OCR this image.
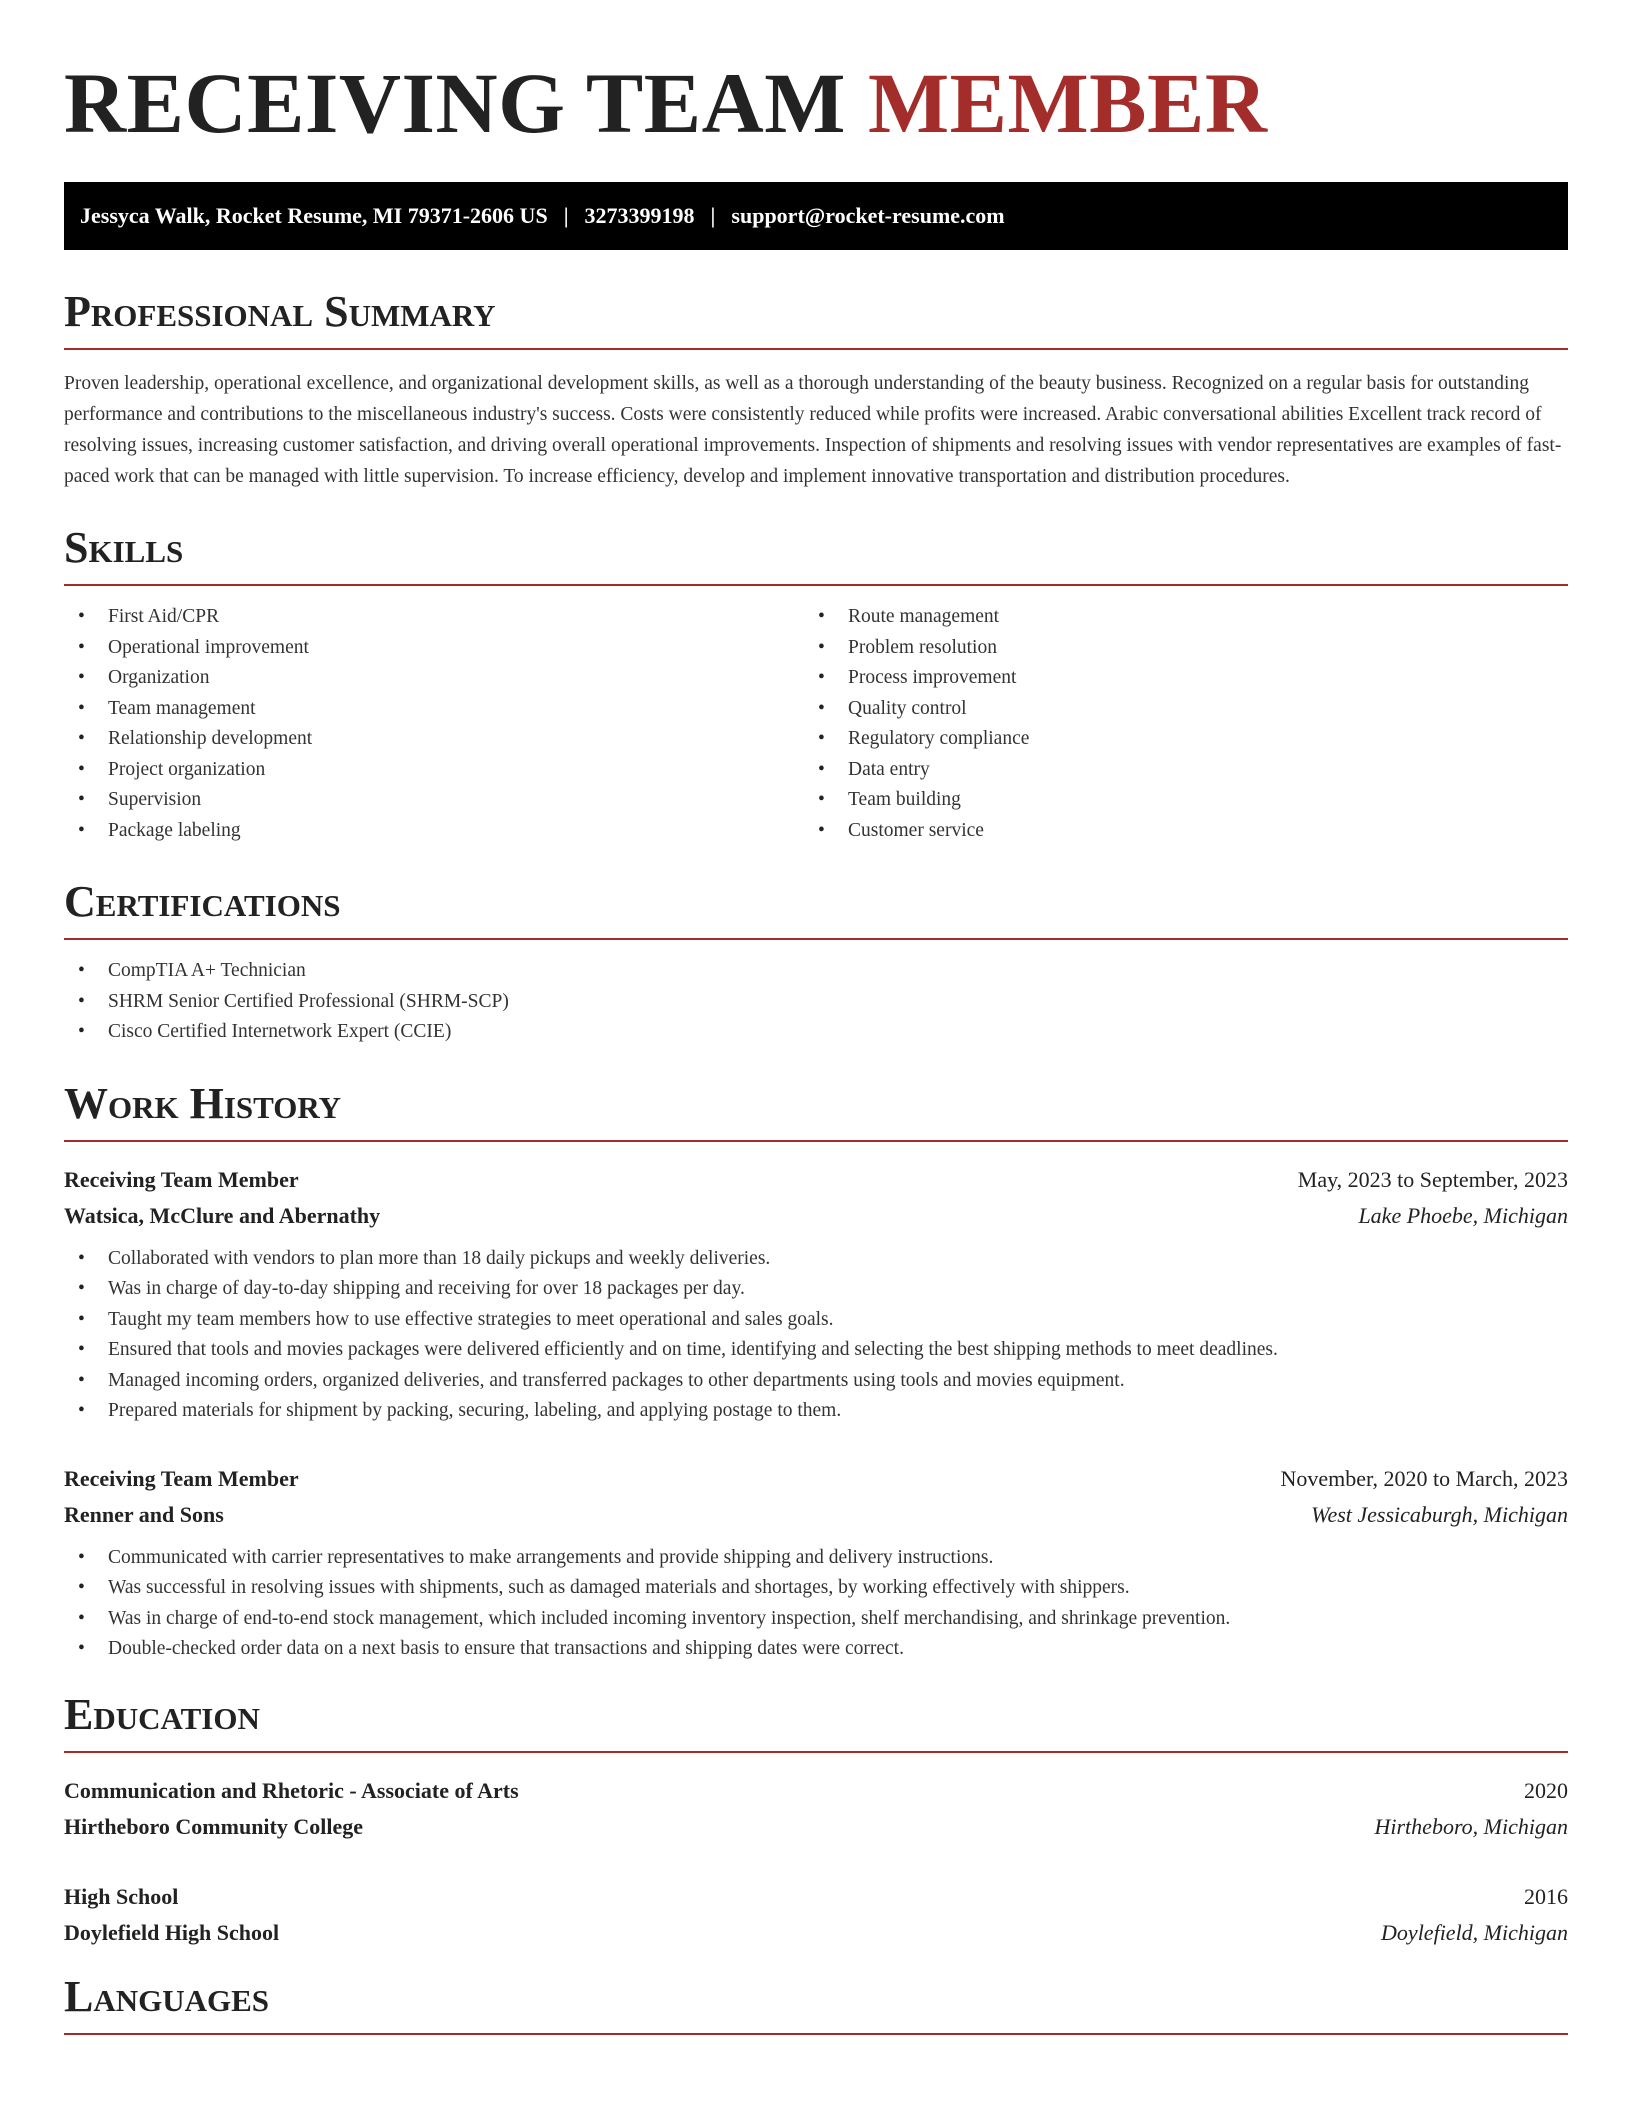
RECEIVING TEAM MEMBER
Jessyca Walk, Rocket Resume, MI 79371-2606 US | 3273399198 | support@rocket-resume.com
Professional Summary

Proven leadership, operational excellence, and organizational development skills, as well as a thorough understanding of the beauty business. Recognized on a regular basis for outstanding performance and contributions to the miscellaneous industry's success. Costs were consistently reduced while profits were increased. Arabic conversational abilities Excellent track record of resolving issues, increasing customer satisfaction, and driving overall operational improvements. Inspection of shipments and resolving issues with vendor representatives are examples of fast-paced work that can be managed with little supervision. To increase efficiency, develop and implement innovative transportation and distribution procedures.

Skills
• First Aid/CPR
• Operational improvement
• Organization
• Team management
• Relationship development
• Project organization
• Supervision
• Package labeling
• Route management
• Problem resolution
• Process improvement
• Quality control
• Regulatory compliance
• Data entry
• Team building
• Customer service
Certifications
• CompTIA A+ Technician
• SHRM Senior Certified Professional (SHRM-SCP)
• Cisco Certified Internetwork Expert (CCIE)
Work History
Receiving Team Member	May, 2023 to September, 2023
Watsica, McClure and Abernathy	Lake Phoebe, Michigan
• Collaborated with vendors to plan more than 18 daily pickups and weekly deliveries.
• Was in charge of day-to-day shipping and receiving for over 18 packages per day.
• Taught my team members how to use effective strategies to meet operational and sales goals.
• Ensured that tools and movies packages were delivered efficiently and on time, identifying and selecting the best shipping methods to meet deadlines.
• Managed incoming orders, organized deliveries, and transferred packages to other departments using tools and movies equipment.
• Prepared materials for shipment by packing, securing, labeling, and applying postage to them.
Receiving Team Member	November, 2020 to March, 2023
Renner and Sons	West Jessicaburgh, Michigan
• Communicated with carrier representatives to make arrangements and provide shipping and delivery instructions.
• Was successful in resolving issues with shipments, such as damaged materials and shortages, by working effectively with shippers.
• Was in charge of end-to-end stock management, which included incoming inventory inspection, shelf merchandising, and shrinkage prevention.
• Double-checked order data on a next basis to ensure that transactions and shipping dates were correct.
Education
Communication and Rhetoric - Associate of Arts	2020
Hirtheboro Community College	Hirtheboro, Michigan
High School	2016
Doylefield High School	Doylefield, Michigan
Languages
